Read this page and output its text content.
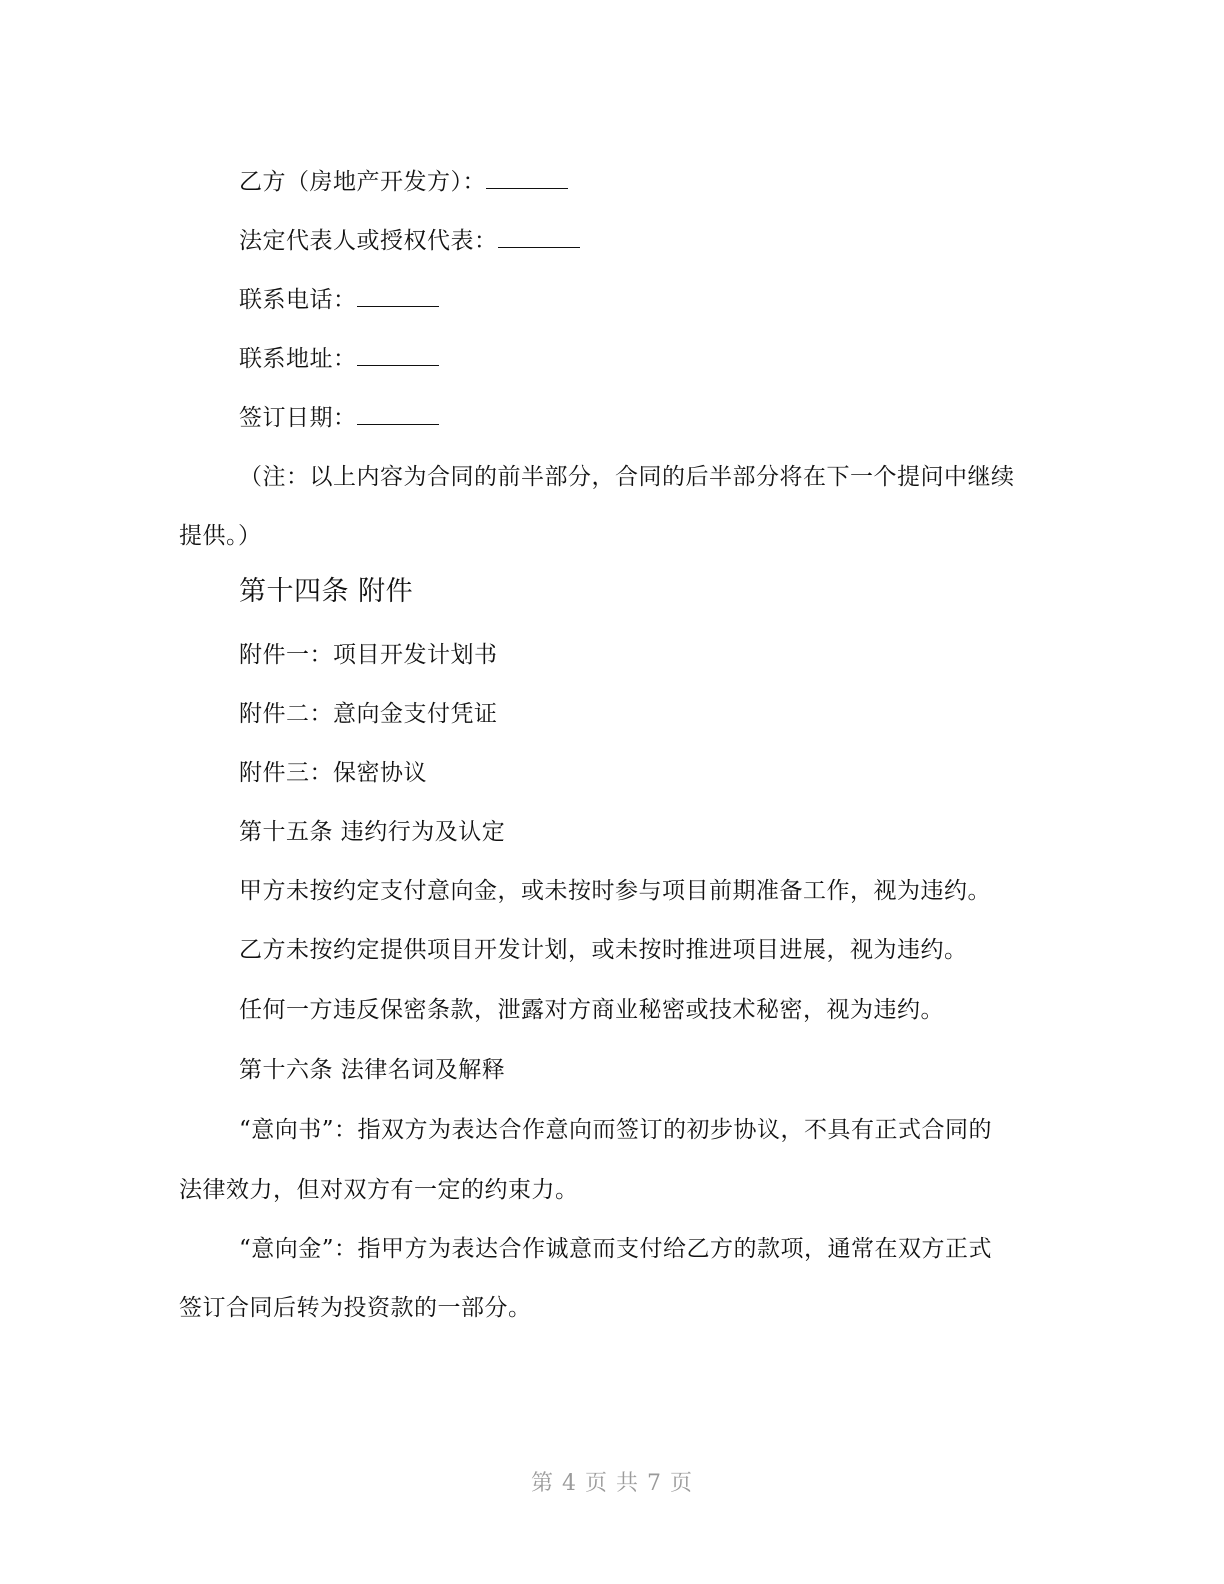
乙方（房地产开发方）：
法定代表人或授权代表：
联系电话：
联系地址：
签订日期：
（注：以上内容为合同的前半部分，合同的后半部分将在下一个提问中继续
提供。）
第十四条 附件
附件一：项目开发计划书
附件二：意向金支付凭证
附件三：保密协议
第十五条 违约行为及认定
甲方未按约定支付意向金，或未按时参与项目前期准备工作，视为违约。
乙方未按约定提供项目开发计划，或未按时推进项目进展，视为违约。
任何一方违反保密条款，泄露对方商业秘密或技术秘密，视为违约。
第十六条 法律名词及解释
“意向书”：指双方为表达合作意向而签订的初步协议，不具有正式合同的
法律效力，但对双方有一定的约束力。
“意向金”：指甲方为表达合作诚意而支付给乙方的款项，通常在双方正式
签订合同后转为投资款的一部分。
第 4 页 共 7 页
